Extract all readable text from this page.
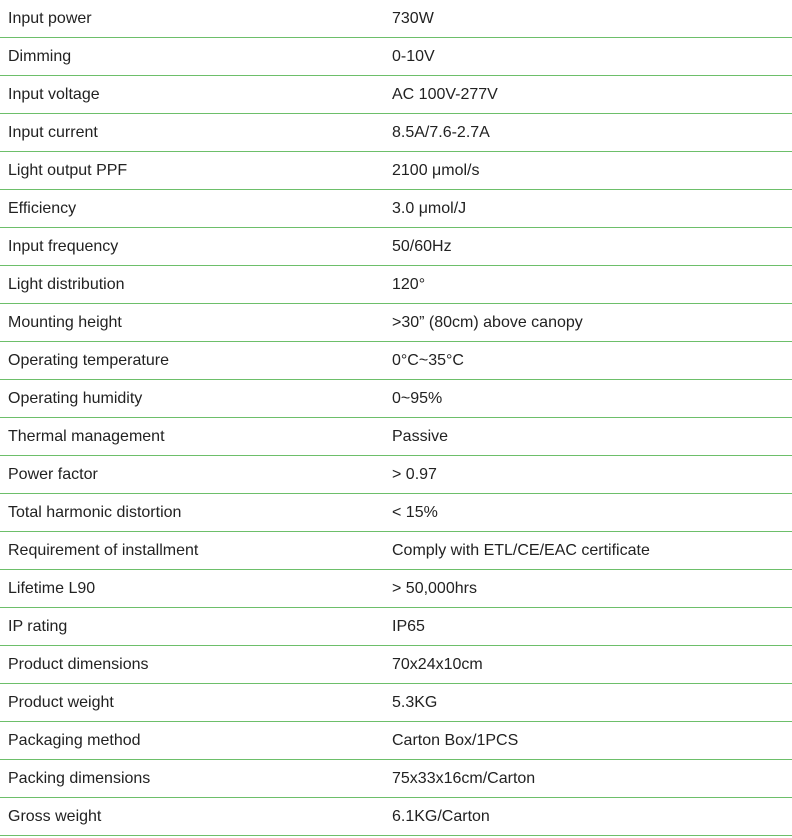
Input power	730W
Dimming	0-10V
Input voltage	AC 100V-277V
Input current	8.5A/7.6-2.7A
Light output PPF	2100 μmol/s
Efficiency	3.0 μmol/J
Input frequency	50/60Hz
Light distribution	120°
Mounting height	>30” (80cm) above canopy
Operating temperature	0°C~35°C
Operating humidity	0~95%
Thermal management	Passive
Power factor	> 0.97
Total harmonic distortion	< 15%
Requirement of installment	Comply with ETL/CE/EAC certificate
Lifetime L90	> 50,000hrs
IP rating	IP65
Product dimensions	70x24x10cm
Product weight	5.3KG
Packaging method	Carton Box/1PCS
Packing dimensions	75x33x16cm/Carton
Gross weight	6.1KG/Carton
